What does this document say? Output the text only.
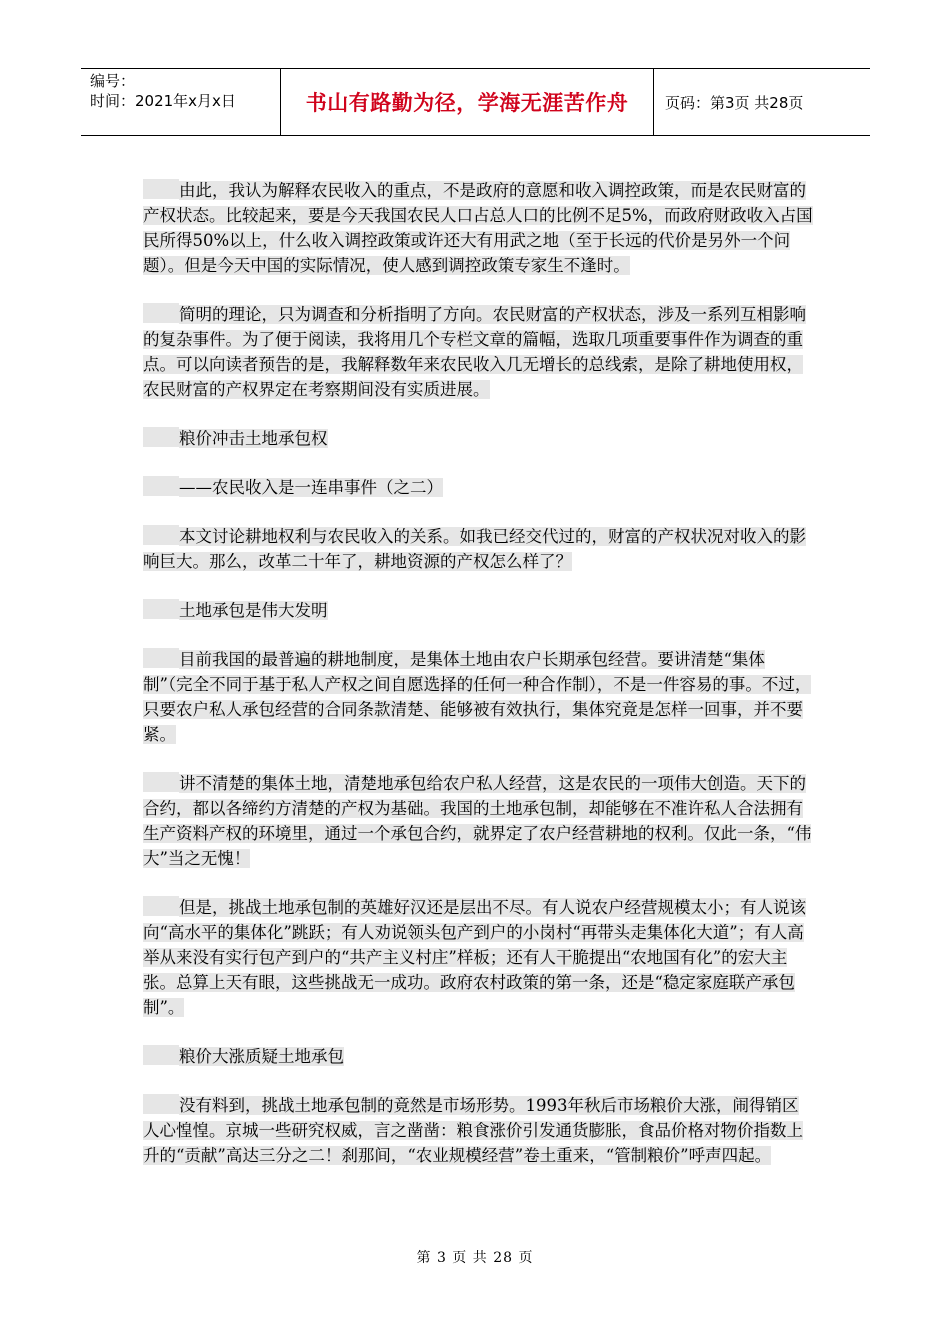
编号：
时间：2021年x月x日	书山有路勤为径，学海无涯苦作舟	页码：第3页 共28页

由此，我认为解释农民收入的重点，不是政府的意愿和收入调控政策，而是农民财富的产权状态。比较起来，要是今天我国农民人口占总人口的比例不足5%，而政府财政收入占国民所得50%以上，什么收入调控政策或许还大有用武之地（至于长远的代价是另外一个问题）。但是今天中国的实际情况，使人感到调控政策专家生不逢时。

简明的理论，只为调查和分析指明了方向。农民财富的产权状态，涉及一系列互相影响的复杂事件。为了便于阅读，我将用几个专栏文章的篇幅，选取几项重要事件作为调查的重点。可以向读者预告的是，我解释数年来农民收入几无增长的总线索，是除了耕地使用权，农民财富的产权界定在考察期间没有实质进展。

粮价冲击土地承包权

——农民收入是一连串事件（之二）

本文讨论耕地权利与农民收入的关系。如我已经交代过的，财富的产权状况对收入的影响巨大。那么，改革二十年了，耕地资源的产权怎么样了？

土地承包是伟大发明

目前我国的最普遍的耕地制度，是集体土地由农户长期承包经营。要讲清楚“集体制”（完全不同于基于私人产权之间自愿选择的任何一种合作制），不是一件容易的事。不过，只要农户私人承包经营的合同条款清楚、能够被有效执行，集体究竟是怎样一回事，并不要紧。

讲不清楚的集体土地，清楚地承包给农户私人经营，这是农民的一项伟大创造。天下的合约，都以各缔约方清楚的产权为基础。我国的土地承包制，却能够在不准许私人合法拥有生产资料产权的环境里，通过一个承包合约，就界定了农户经营耕地的权利。仅此一条，“伟大”当之无愧！

但是，挑战土地承包制的英雄好汉还是层出不尽。有人说农户经营规模太小；有人说该向“高水平的集体化”跳跃；有人劝说领头包产到户的小岗村“再带头走集体化大道”；有人高举从来没有实行包产到户的“共产主义村庄”样板；还有人干脆提出“农地国有化”的宏大主张。总算上天有眼，这些挑战无一成功。政府农村政策的第一条，还是“稳定家庭联产承包制”。

粮价大涨质疑土地承包

没有料到，挑战土地承包制的竟然是市场形势。1993年秋后市场粮价大涨，闹得销区人心惶惶。京城一些研究权威，言之凿凿：粮食涨价引发通货膨胀，食品价格对物价指数上升的“贡献”高达三分之二！刹那间，“农业规模经营”卷土重来，“管制粮价”呼声四起。

第 3 页 共 28 页
